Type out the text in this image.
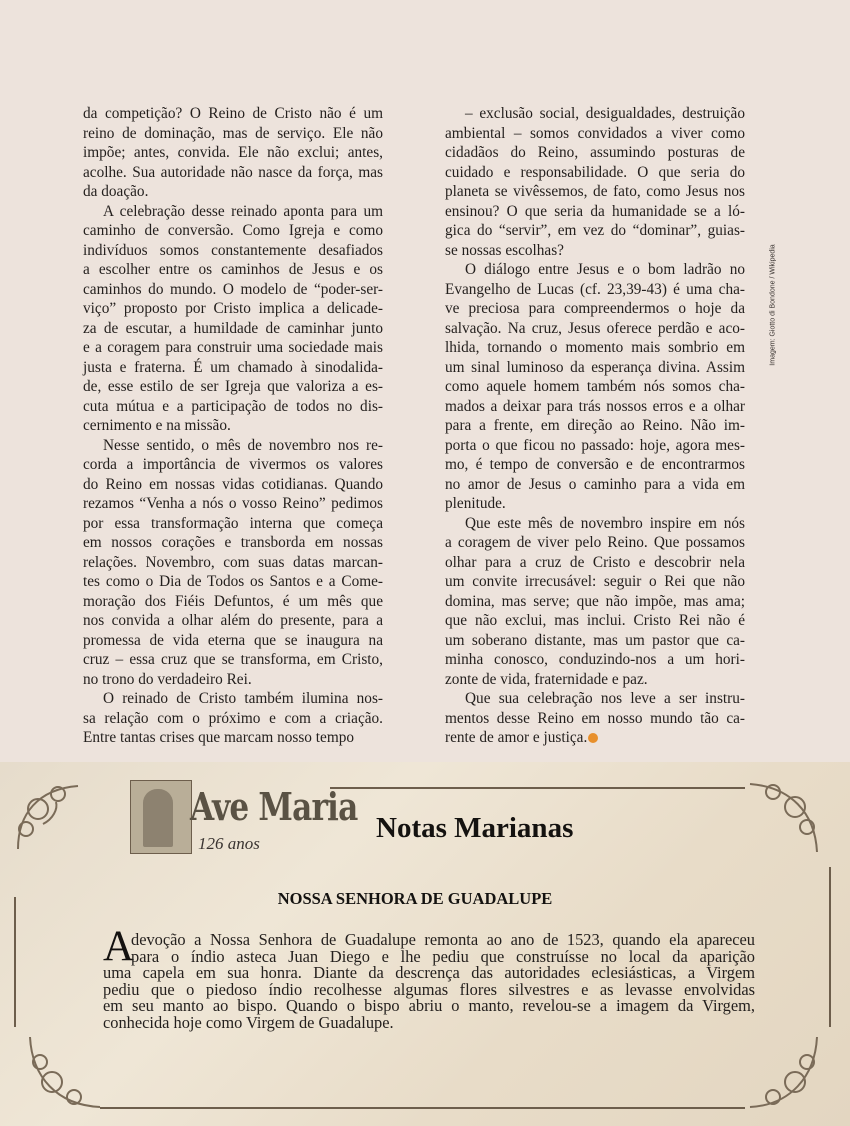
da competição? O Reino de Cristo não é um
reino de dominação, mas de serviço. Ele não
impõe; antes, convida. Ele não exclui; antes,
acolhe. Sua autoridade não nasce da força, mas
da doação.
A celebração desse reinado aponta para um
caminho de conversão. Como Igreja e como
indivíduos somos constantemente desafiados
a escolher entre os caminhos de Jesus e os
caminhos do mundo. O modelo de “poder-ser-
viço” proposto por Cristo implica a delicade-
za de escutar, a humildade de caminhar junto
e a coragem para construir uma sociedade mais
justa e fraterna. É um chamado à sinodalida-
de, esse estilo de ser Igreja que valoriza a es-
cuta mútua e a participação de todos no dis-
cernimento e na missão.
Nesse sentido, o mês de novembro nos re-
corda a importância de vivermos os valores
do Reino em nossas vidas cotidianas. Quando
rezamos “Venha a nós o vosso Reino” pedimos
por essa transformação interna que começa
em nossos corações e transborda em nossas
relações. Novembro, com suas datas marcan-
tes como o Dia de Todos os Santos e a Come-
moração dos Fiéis Defuntos, é um mês que
nos convida a olhar além do presente, para a
promessa de vida eterna que se inaugura na
cruz – essa cruz que se transforma, em Cristo,
no trono do verdadeiro Rei.
O reinado de Cristo também ilumina nos-
sa relação com o próximo e com a criação.
Entre tantas crises que marcam nosso tempo
– exclusão social, desigualdades, destruição
ambiental – somos convidados a viver como
cidadãos do Reino, assumindo posturas de
cuidado e responsabilidade. O que seria do
planeta se vivêssemos, de fato, como Jesus nos
ensinou? O que seria da humanidade se a ló-
gica do “servir”, em vez do “dominar”, guias-
se nossas escolhas?
O diálogo entre Jesus e o bom ladrão no
Evangelho de Lucas (cf. 23,39-43) é uma cha-
ve preciosa para compreendermos o hoje da
salvação. Na cruz, Jesus oferece perdão e aco-
lhida, tornando o momento mais sombrio em
um sinal luminoso da esperança divina. Assim
como aquele homem também nós somos cha-
mados a deixar para trás nossos erros e a olhar
para a frente, em direção ao Reino. Não im-
porta o que ficou no passado: hoje, agora mes-
mo, é tempo de conversão e de encontrarmos
no amor de Jesus o caminho para a vida em
plenitude.
Que este mês de novembro inspire em nós
a coragem de viver pelo Reino. Que possamos
olhar para a cruz de Cristo e descobrir nela
um convite irrecusável: seguir o Rei que não
domina, mas serve; que não impõe, mas ama;
que não exclui, mas inclui. Cristo Rei não é
um soberano distante, mas um pastor que ca-
minha conosco, conduzindo-nos a um hori-
zonte de vida, fraternidade e paz.
Que sua celebração nos leve a ser instru-
mentos desse Reino em nosso mundo tão ca-
rente de amor e justiça.
Imagem: Giotto di Bondone / Wikipedia
Ave Maria
126 anos	Notas Marianas
NOSSA SENHORA DE GUADALUPE
A
devoção a Nossa Senhora de Guadalupe remonta ao ano de 1523, quando ela apareceu
para o índio asteca Juan Diego e lhe pediu que construísse no local da aparição
uma capela em sua honra. Diante da descrença das autoridades eclesiásticas, a Virgem
pediu que o piedoso índio recolhesse algumas flores silvestres e as levasse envolvidas
em seu manto ao bispo. Quando o bispo abriu o manto, revelou-se a imagem da Virgem,
conhecida hoje como Virgem de Guadalupe.
